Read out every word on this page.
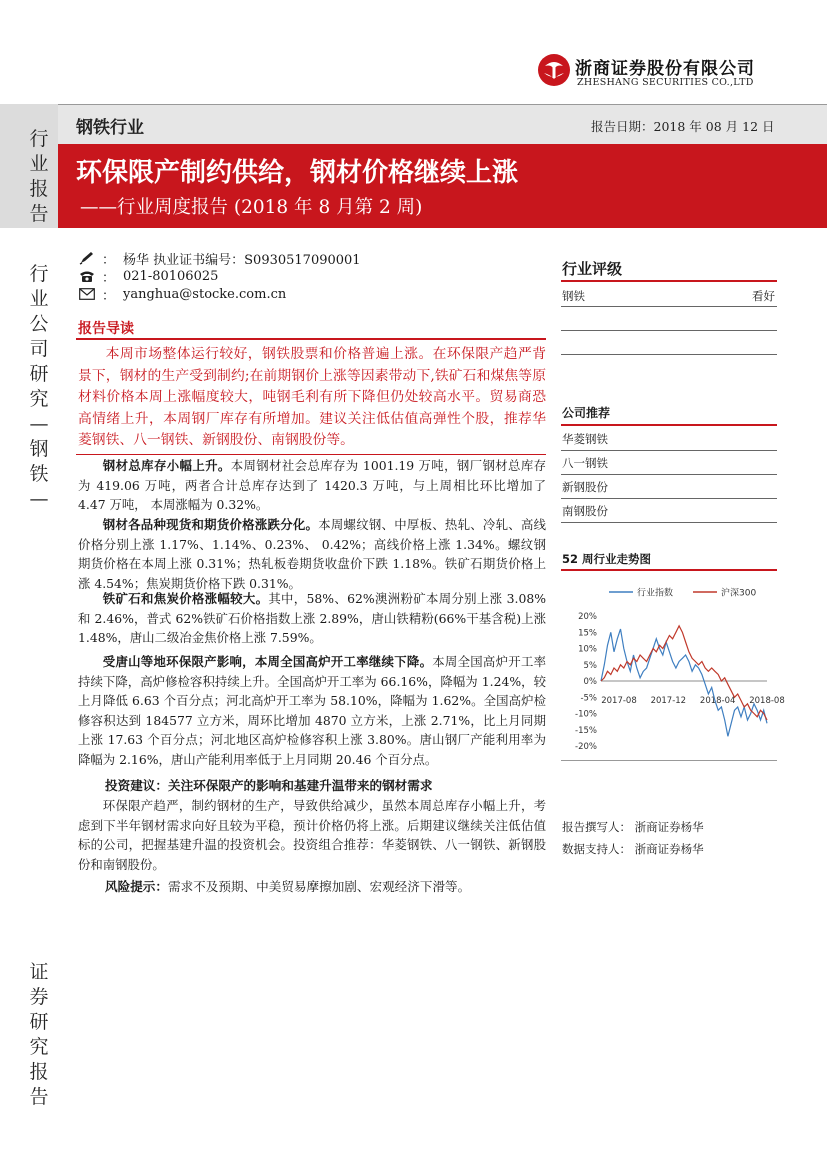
浙商证券股份有限公司
ZHESHANG SECURITIES CO.,LTD
行业报告
行业公司研究—钢铁—
证券研究报告
钢铁行业	报告日期：2018 年 08 月 12 日
环保限产制约供给，钢材价格继续上涨
——行业周度报告 (2018 年 8 月第 2 周)
： 杨华 执业证书编号：S0930517090001
： 021-80106025
： yanghua@stocke.com.cn
报告导读
本周市场整体运行较好，钢铁股票和价格普遍上涨。在环保限产趋严背景下，钢材的生产受到制约;在前期钢价上涨等因素带动下,铁矿石和煤焦等原材料价格本周上涨幅度较大，吨钢毛利有所下降但仍处较高水平。贸易商恐高情绪上升，本周钢厂库存有所增加。建议关注低估值高弹性个股，推荐华菱钢铁、八一钢铁、新钢股份、南钢股份等。
钢材总库存小幅上升。本周钢材社会总库存为 1001.19 万吨，钢厂钢材总库存为 419.06 万吨，两者合计总库存达到了 1420.3 万吨，与上周相比环比增加了 4.47 万吨， 本周涨幅为 0.32%。
钢材各品种现货和期货价格涨跌分化。本周螺纹钢、中厚板、热轧、冷轧、高线价格分别上涨 1.17%、1.14%、0.23%、 0.42%；高线价格上涨 1.34%。螺纹钢期货价格在本周上涨 0.31%；热轧板卷期货收盘价下跌 1.18%。铁矿石期货价格上涨 4.54%；焦炭期货价格下跌 0.31%。
铁矿石和焦炭价格涨幅较大。其中，58%、62%澳洲粉矿本周分别上涨 3.08%和 2.46%，普式 62%铁矿石价格指数上涨 2.89%，唐山铁精粉(66%干基含税)上涨 1.48%，唐山二级冶金焦价格上涨 7.59%。
受唐山等地环保限产影响，本周全国高炉开工率继续下降。本周全国高炉开工率持续下降，高炉修检容积持续上升。全国高炉开工率为 66.16%，降幅为 1.24%，较上月降低 6.63 个百分点；河北高炉开工率为 58.10%，降幅为 1.62%。全国高炉检修容积达到 184577 立方米，周环比增加 4870 立方米，上涨 2.71%，比上月同期上涨 17.63 个百分点；河北地区高炉检修容积上涨 3.80%。唐山钢厂产能利用率为降幅为 2.16%，唐山产能利用率低于上月同期 20.46 个百分点。
投资建议：关注环保限产的影响和基建升温带来的钢材需求
环保限产趋严，制约钢材的生产，导致供给减少，虽然本周总库存小幅上升，考虑到下半年钢材需求向好且较为平稳，预计价格仍将上涨。后期建议继续关注低估值标的公司，把握基建升温的投资机会。投资组合推荐：华菱钢铁、八一钢铁、新钢股份和南钢股份。
风险提示：需求不及预期、中美贸易摩擦加剧、宏观经济下滑等。
行业评级
钢铁	看好
公司推荐
华菱钢铁
八一钢铁
新钢股份
南钢股份
52 周行业走势图
行业指数	沪深300
20%
15%
10%
5%
0%
-5%
-10%
-15%
-20%
2017-08 2017-12 2018-04 2018-08
报告撰写人： 浙商证券杨华
数据支持人： 浙商证券杨华
